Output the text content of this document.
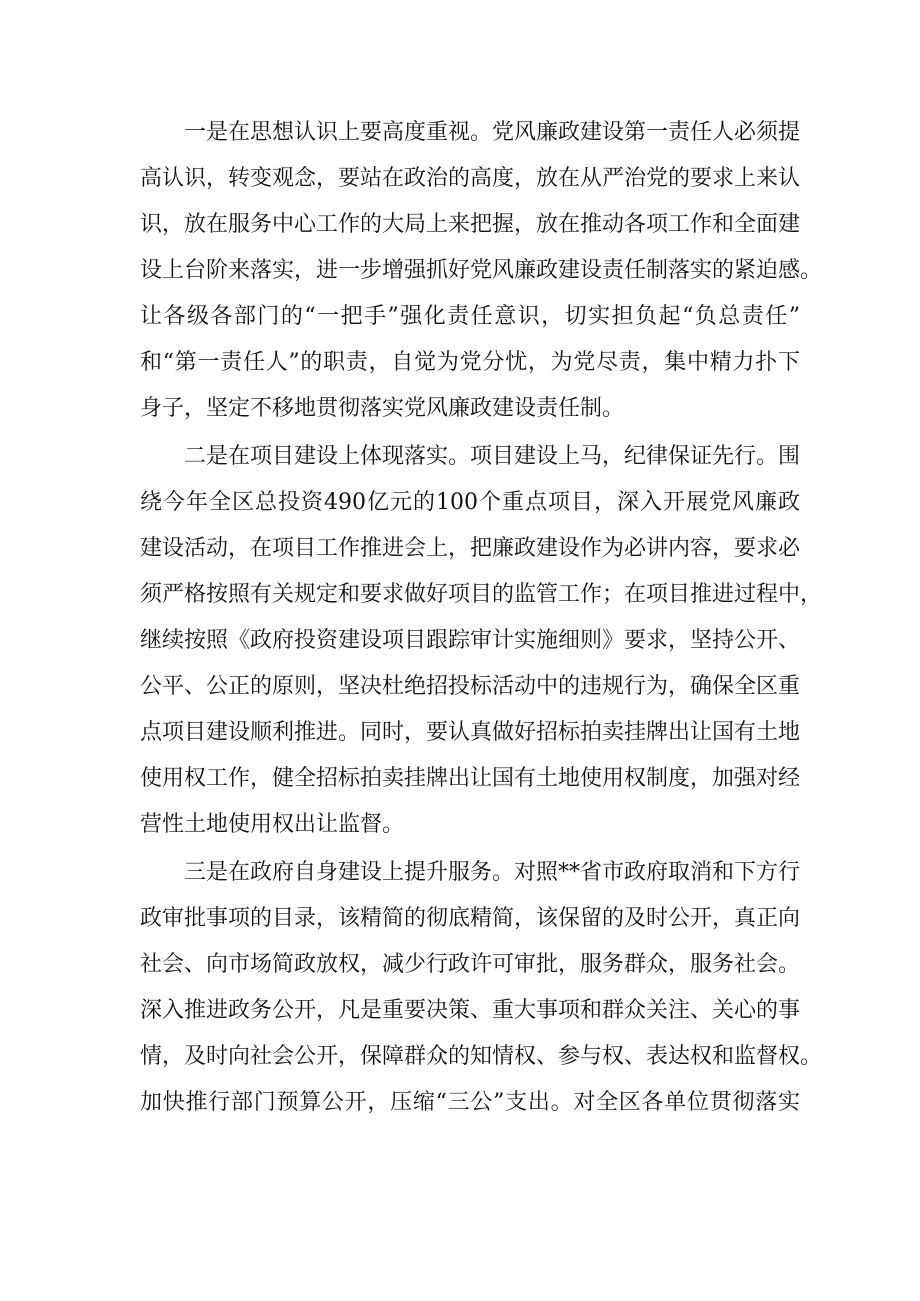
一是在思想认识上要高度重视。党风廉政建设第一责任人必须提
高认识，转变观念，要站在政治的高度，放在从严治党的要求上来认
识，放在服务中心工作的大局上来把握，放在推动各项工作和全面建
设上台阶来落实，进一步增强抓好党风廉政建设责任制落实的紧迫感。
让各级各部门的“一把手”强化责任意识，切实担负起“负总责任”
和“第一责任人”的职责，自觉为党分忧，为党尽责，集中精力扑下
身子，坚定不移地贯彻落实党风廉政建设责任制。
二是在项目建设上体现落实。项目建设上马，纪律保证先行。围
绕今年全区总投资490亿元的100个重点项目，深入开展党风廉政
建设活动，在项目工作推进会上，把廉政建设作为必讲内容，要求必
须严格按照有关规定和要求做好项目的监管工作；在项目推进过程中，
继续按照《政府投资建设项目跟踪审计实施细则》要求，坚持公开、
公平、公正的原则，坚决杜绝招投标活动中的违规行为，确保全区重
点项目建设顺利推进。同时，要认真做好招标拍卖挂牌出让国有土地
使用权工作，健全招标拍卖挂牌出让国有土地使用权制度，加强对经
营性土地使用权出让监督。
三是在政府自身建设上提升服务。对照**省市政府取消和下方行
政审批事项的目录，该精简的彻底精简，该保留的及时公开，真正向
社会、向市场简政放权，减少行政许可审批，服务群众，服务社会。
深入推进政务公开，凡是重要决策、重大事项和群众关注、关心的事
情，及时向社会公开，保障群众的知情权、参与权、表达权和监督权。
加快推行部门预算公开，压缩“三公”支出。对全区各单位贯彻落实
